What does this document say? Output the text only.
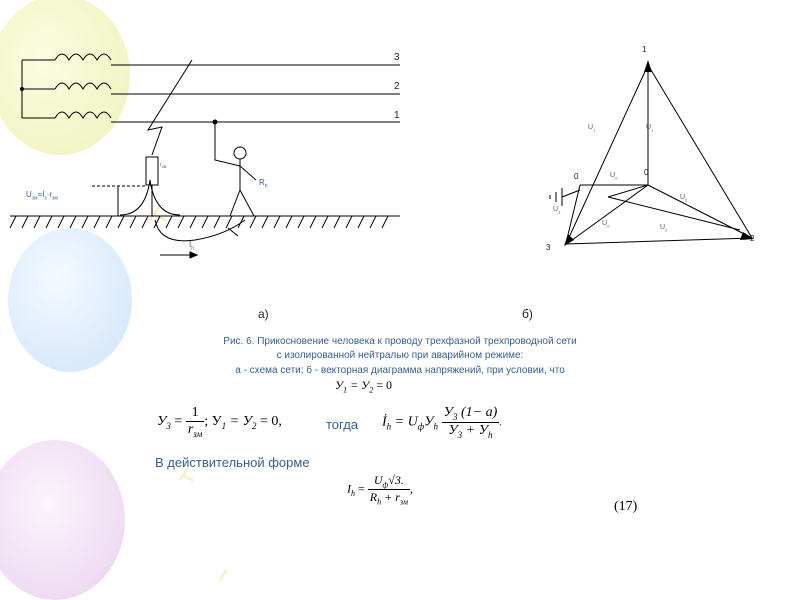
3
2
1
$U_{зм}=I_з\cdot r_{зм}$
$r_{зм}$
$R_h$
$I_h$
1
2
3
0	0
$U_1$	$U_1$
$U_0$
$U_2$
$U_3$
$U_0$	$U_2$
а)	б)
Рис. 6. Прикосновение человека к проводу трехфазной трехпроводной сети
с изолированной нейтралью при аварийном режиме:
а - схема сети; б - векторная диаграмма напряжений, при условии, что
$У_1 = У_2 = 0$
$У_3 = \frac{1}{r_{зм}}$ ; $У_1 = У_2 = 0$,	тогда $İ_h = U_фУ_h \frac{У_3 (1- a)}{У_3 + У_h}$ .
В действительной форме
$I_h = \frac{U_ф√3.}{R_h + r_{зм}}$ ,
(17)
